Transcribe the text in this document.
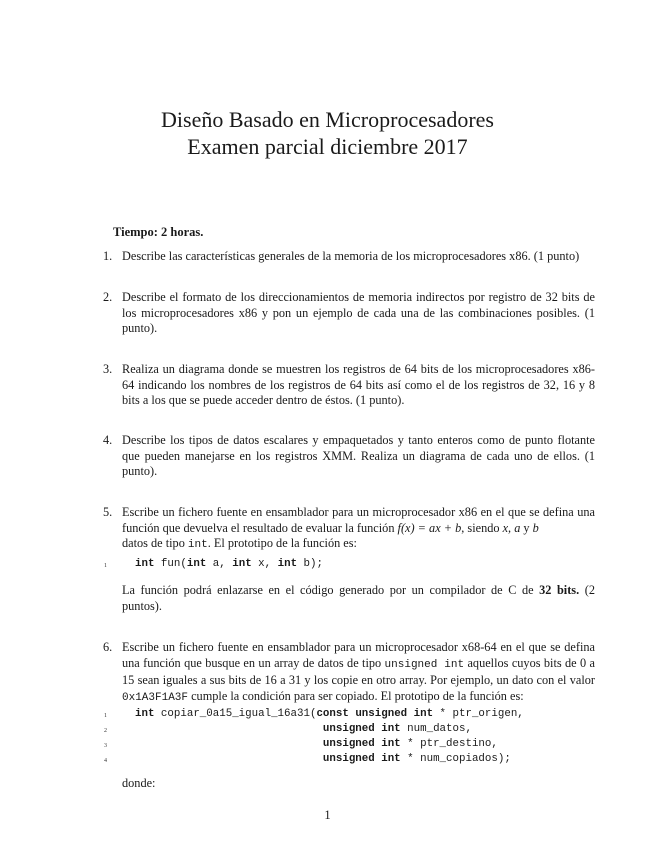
Diseño Basado en Microprocesadores
Examen parcial diciembre 2017
Tiempo: 2 horas.
1. Describe las características generales de la memoria de los microprocesadores x86. (1 punto)
2. Describe el formato de los direccionamientos de memoria indirectos por registro de 32 bits de los microprocesadores x86 y pon un ejemplo de cada una de las combinaciones posibles. (1 punto).
3. Realiza un diagrama donde se muestren los registros de 64 bits de los microprocesadores x86-64 indicando los nombres de los registros de 64 bits así como el de los registros de 32, 16 y 8 bits a los que se puede acceder dentro de éstos. (1 punto).
4. Describe los tipos de datos escalares y empaquetados y tanto enteros como de punto flotante que pueden manejarse en los registros XMM. Realiza un diagrama de cada uno de ellos. (1 punto).
5. Escribe un fichero fuente en ensamblador para un microprocesador x86 en el que se defina una función que devuelva el resultado de evaluar la función f(x) = ax + b, siendo x, a y b
datos de tipo int. El prototipo de la función es:
1	int fun(int a, int x, int b);
La función podrá enlazarse en el código generado por un compilador de C de 32 bits. (2 puntos).
6. Escribe un fichero fuente en ensamblador para un microprocesador x68-64 en el que se defina una función que busque en un array de datos de tipo unsigned int aquellos cuyos bits de 0 a 15 sean iguales a sus bits de 16 a 31 y los copie en otro array. Por ejemplo, un dato con el valor 0x1A3F1A3F cumple la condición para ser copiado. El prototipo de la función es:
1	int copiar_0a15_igual_16a31(const unsigned int * ptr_origen,
2	unsigned int num_datos,
3	unsigned int * ptr_destino,
4	unsigned int * num_copiados);
donde:
1
